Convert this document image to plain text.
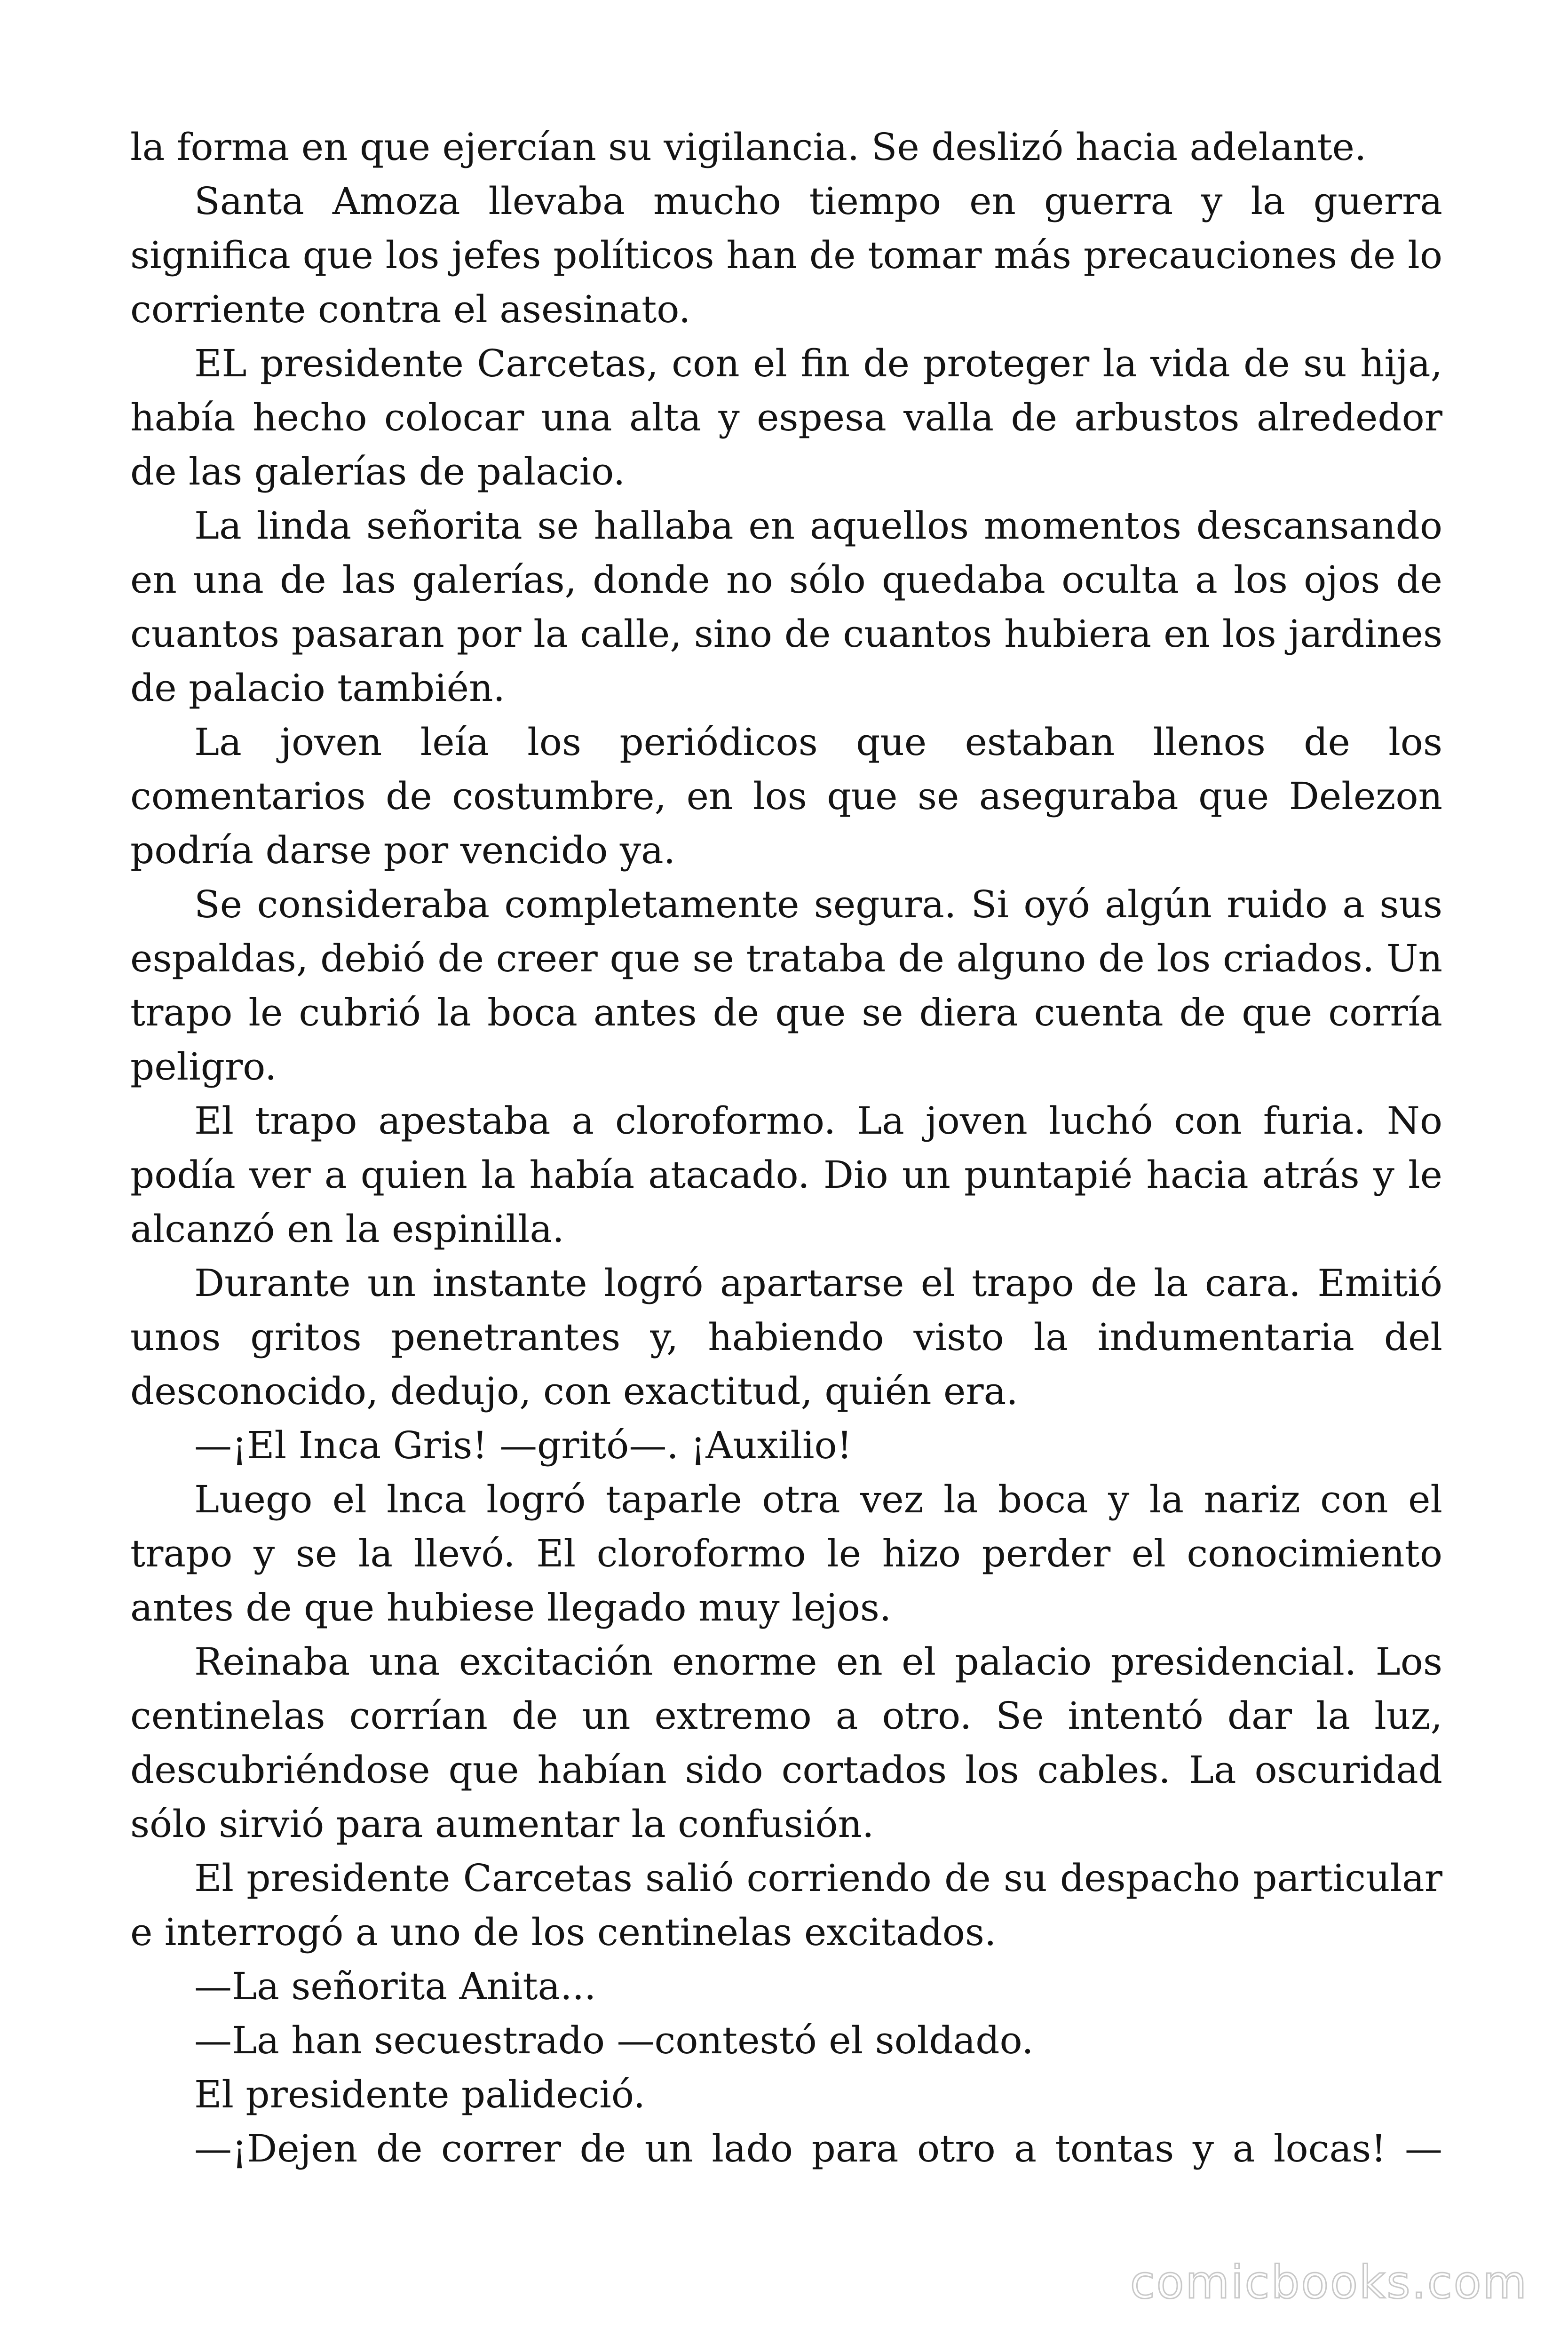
la forma en que ejercían su vigilancia. Se deslizó hacia adelante.

Santa Amoza llevaba mucho tiempo en guerra y la guerra significa que los jefes políticos han de tomar más precauciones de lo corriente contra el asesinato.

EL presidente Carcetas, con el fin de proteger la vida de su hija, había hecho colocar una alta y espesa valla de arbustos alrededor de las galerías de palacio.

La linda señorita se hallaba en aquellos momentos descansando en una de las galerías, donde no sólo quedaba oculta a los ojos de cuantos pasaran por la calle, sino de cuantos hubiera en los jardines de palacio también.

La joven leía los periódicos que estaban llenos de los comentarios de costumbre, en los que se aseguraba que Delezon podría darse por vencido ya.

Se consideraba completamente segura. Si oyó algún ruido a sus espaldas, debió de creer que se trataba de alguno de los criados. Un trapo le cubrió la boca antes de que se diera cuenta de que corría peligro.

El trapo apestaba a cloroformo. La joven luchó con furia. No podía ver a quien la había atacado. Dio un puntapié hacia atrás y le alcanzó en la espinilla.

Durante un instante logró apartarse el trapo de la cara. Emitió unos gritos penetrantes y, habiendo visto la indumentaria del desconocido, dedujo, con exactitud, quién era.

—¡El Inca Gris! —gritó—. ¡Auxilio!

Luego el lnca logró taparle otra vez la boca y la nariz con el trapo y se la llevó. El cloroformo le hizo perder el conocimiento antes de que hubiese llegado muy lejos.

Reinaba una excitación enorme en el palacio presidencial. Los centinelas corrían de un extremo a otro. Se intentó dar la luz, descubriéndose que habían sido cortados los cables. La oscuridad sólo sirvió para aumentar la confusión.

El presidente Carcetas salió corriendo de su despacho particular e interrogó a uno de los centinelas excitados.

—La señorita Anita...

—La han secuestrado —contestó el soldado.

El presidente palideció.

—¡Dejen de correr de un lado para otro a tontas y a locas! —

comicbooks.com
